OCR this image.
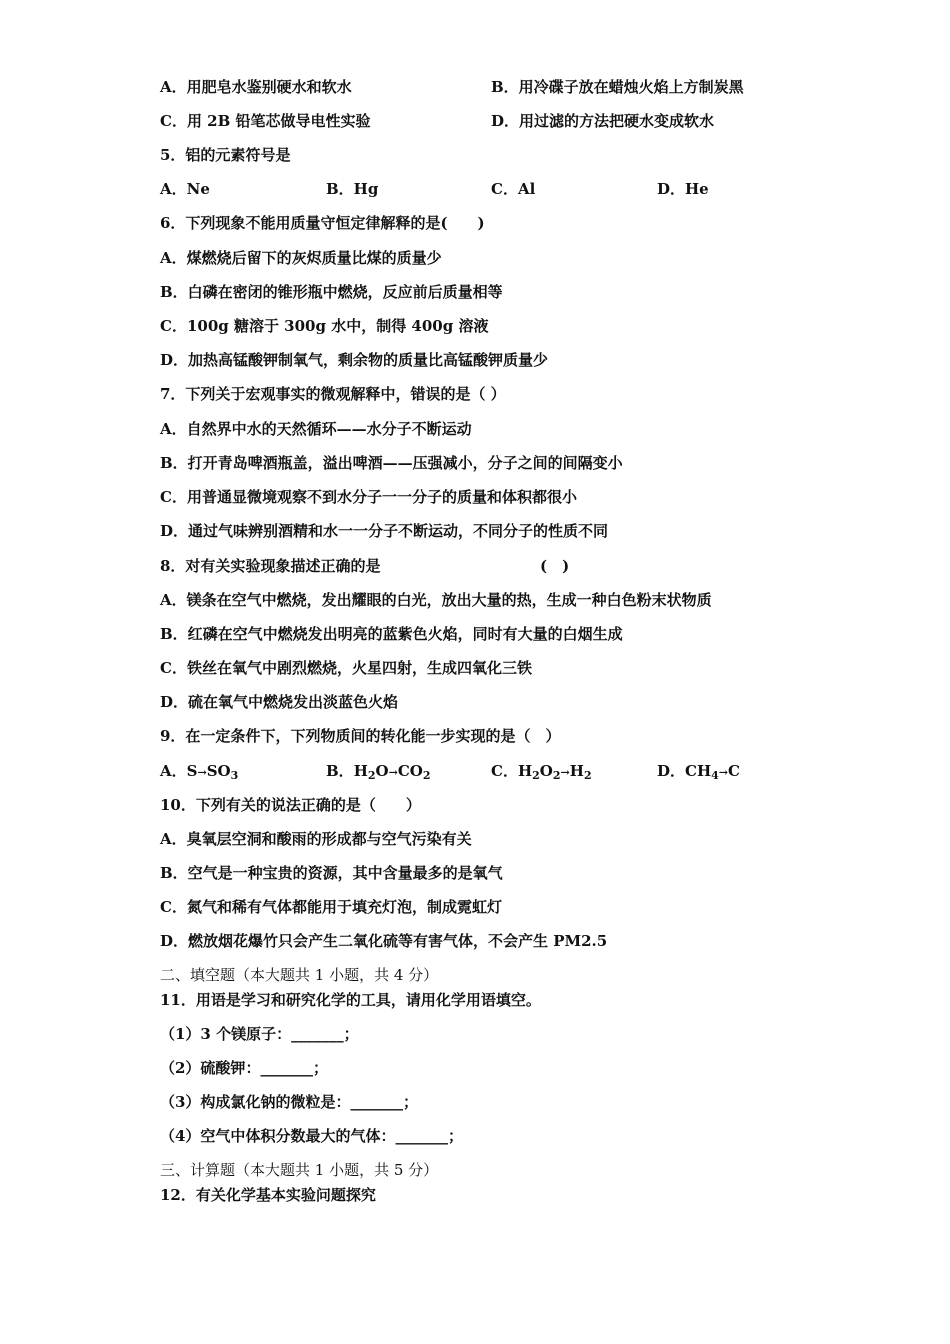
A．用肥皂水鉴别硬水和软水	B．用冷碟子放在蜡烛火焰上方制炭黑
C．用 2B 铅笔芯做导电性实验	D．用过滤的方法把硬水变成软水
5．铝的元素符号是
A．Ne	B．Hg	C．Al	D．He
6．下列现象不能用质量守恒定律解释的是(　　)
A．煤燃烧后留下的灰烬质量比煤的质量少
B．白磷在密闭的锥形瓶中燃烧，反应前后质量相等
C．100g 糖溶于 300g 水中，制得 400g 溶液
D．加热高锰酸钾制氧气，剩余物的质量比高锰酸钾质量少
7．下列关于宏观事实的微观解释中，错误的是（ ）
A．自然界中水的天然循环——水分子不断运动
B．打开青岛啤酒瓶盖，溢出啤酒——压强减小，分子之间的间隔变小
C．用普通显微境观察不到水分子一一分子的质量和体积都很小
D．通过气味辨别酒精和水一一分子不断运动，不同分子的性质不同
8．对有关实验现象描述正确的是	(　)
A．镁条在空气中燃烧，发出耀眼的白光，放出大量的热，生成一种白色粉末状物质
B．红磷在空气中燃烧发出明亮的蓝紫色火焰，同时有大量的白烟生成
C．铁丝在氧气中剧烈燃烧，火星四射，生成四氧化三铁
D．硫在氧气中燃烧发出淡蓝色火焰
9．在一定条件下，下列物质间的转化能一步实现的是（　）
A．$S\to SO_3$	B．$H_2O\to CO_2$	C．$H_2O_2\to H_2$	D．$CH_4\to C$
10．下列有关的说法正确的是（　　）
A．臭氧层空洞和酸雨的形成都与空气污染有关
B．空气是一种宝贵的资源，其中含量最多的是氧气
C．氮气和稀有气体都能用于填充灯泡，制成霓虹灯
D．燃放烟花爆竹只会产生二氧化硫等有害气体，不会产生 PM2.5
二、填空题（本大题共 1 小题，共 4 分）
11．用语是学习和研究化学的工具，请用化学用语填空。
（1）3 个镁原子：_______；
（2）硫酸钾：_______；
（3）构成氯化钠的微粒是：_______；
（4）空气中体积分数最大的气体：_______；
三、计算题（本大题共 1 小题，共 5 分）
12．有关化学基本实验问题探究
